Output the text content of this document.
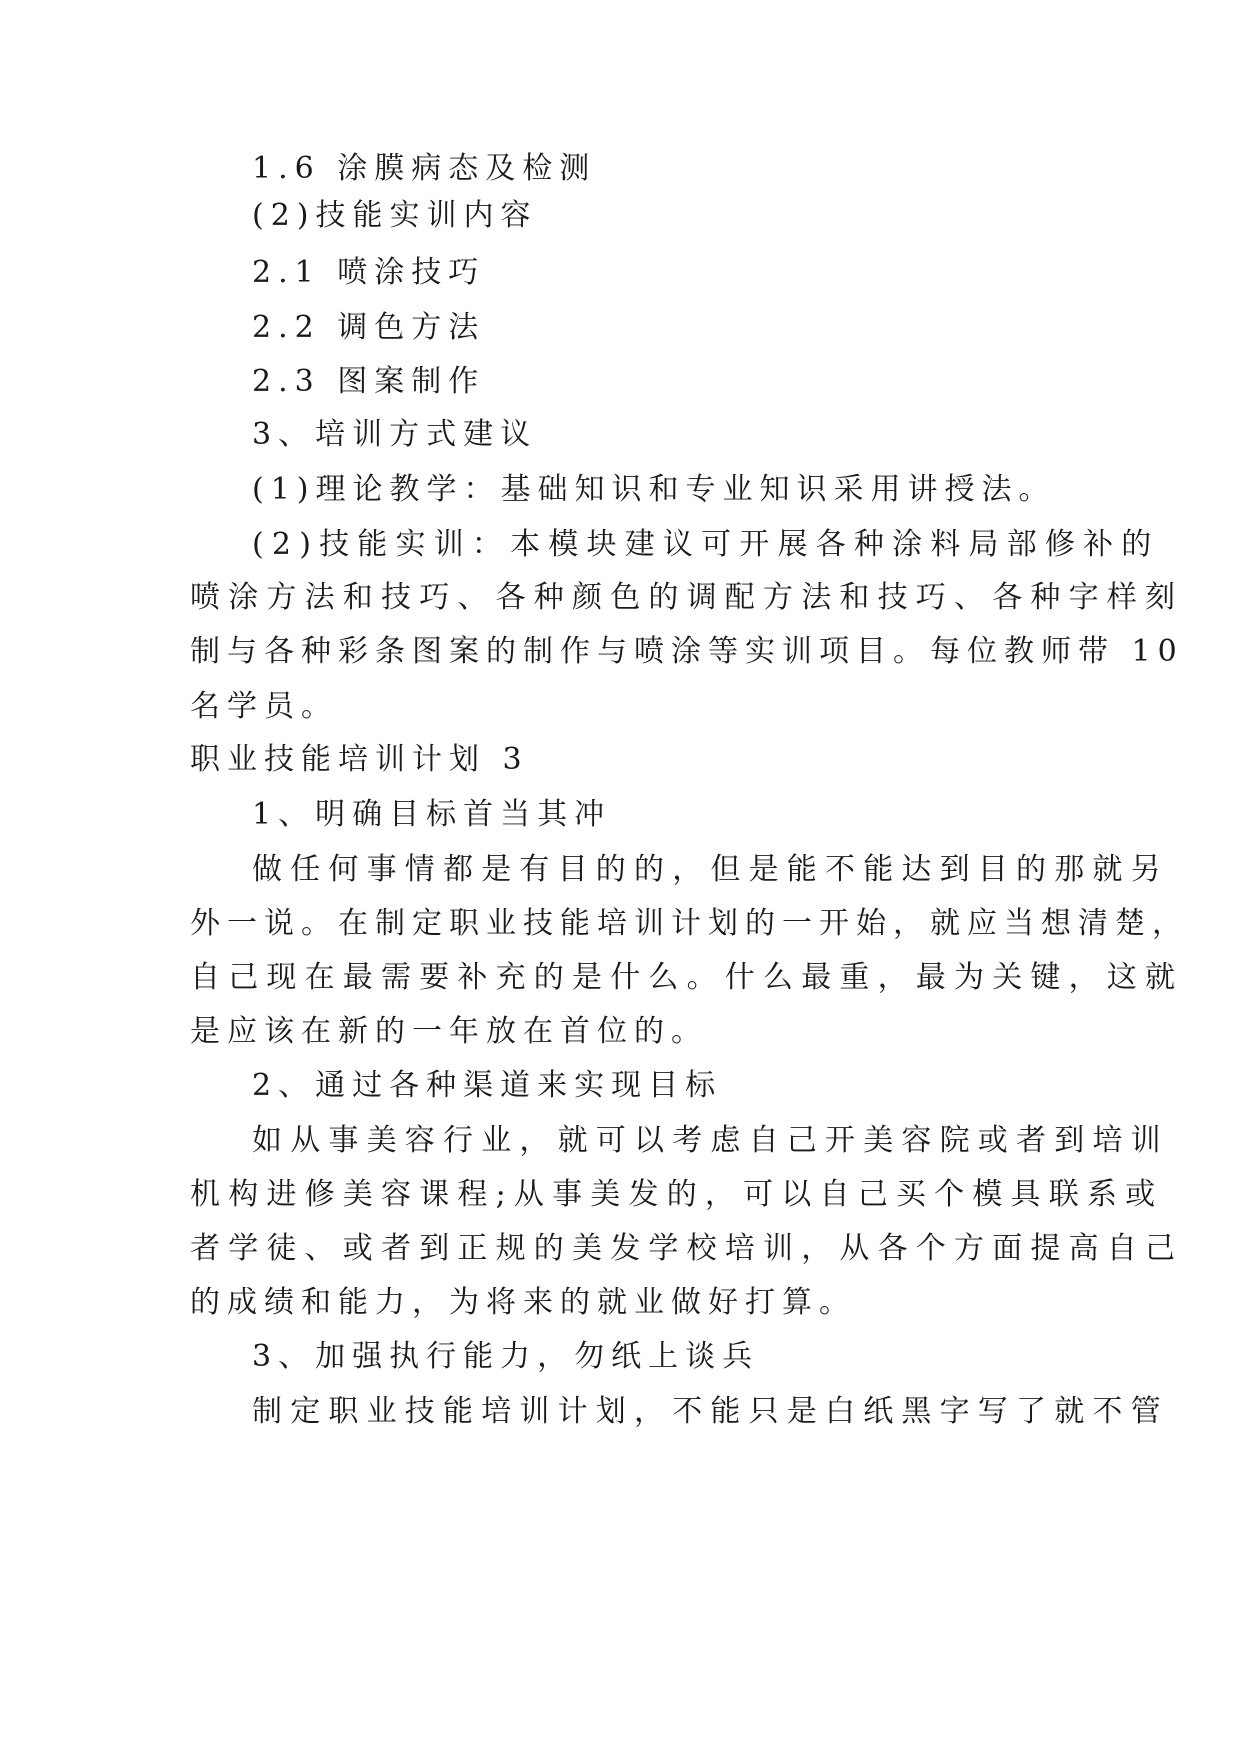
1.6 涂膜病态及检测
(2)技能实训内容
2.1 喷涂技巧
2.2 调色方法
2.3 图案制作
3、培训方式建议
(1)理论教学：基础知识和专业知识采用讲授法。
(2)技能实训：本模块建议可开展各种涂料局部修补的
喷涂方法和技巧、各种颜色的调配方法和技巧、各种字样刻
制与各种彩条图案的制作与喷涂等实训项目。每位教师带 10
名学员。
职业技能培训计划 3
1、明确目标首当其冲
做任何事情都是有目的的，但是能不能达到目的那就另
外一说。在制定职业技能培训计划的一开始，就应当想清楚，
自己现在最需要补充的是什么。什么最重，最为关键，这就
是应该在新的一年放在首位的。
2、通过各种渠道来实现目标
如从事美容行业，就可以考虑自己开美容院或者到培训
机构进修美容课程;从事美发的，可以自己买个模具联系或
者学徒、或者到正规的美发学校培训，从各个方面提高自己
的成绩和能力，为将来的就业做好打算。
3、加强执行能力，勿纸上谈兵
制定职业技能培训计划，不能只是白纸黑字写了就不管
